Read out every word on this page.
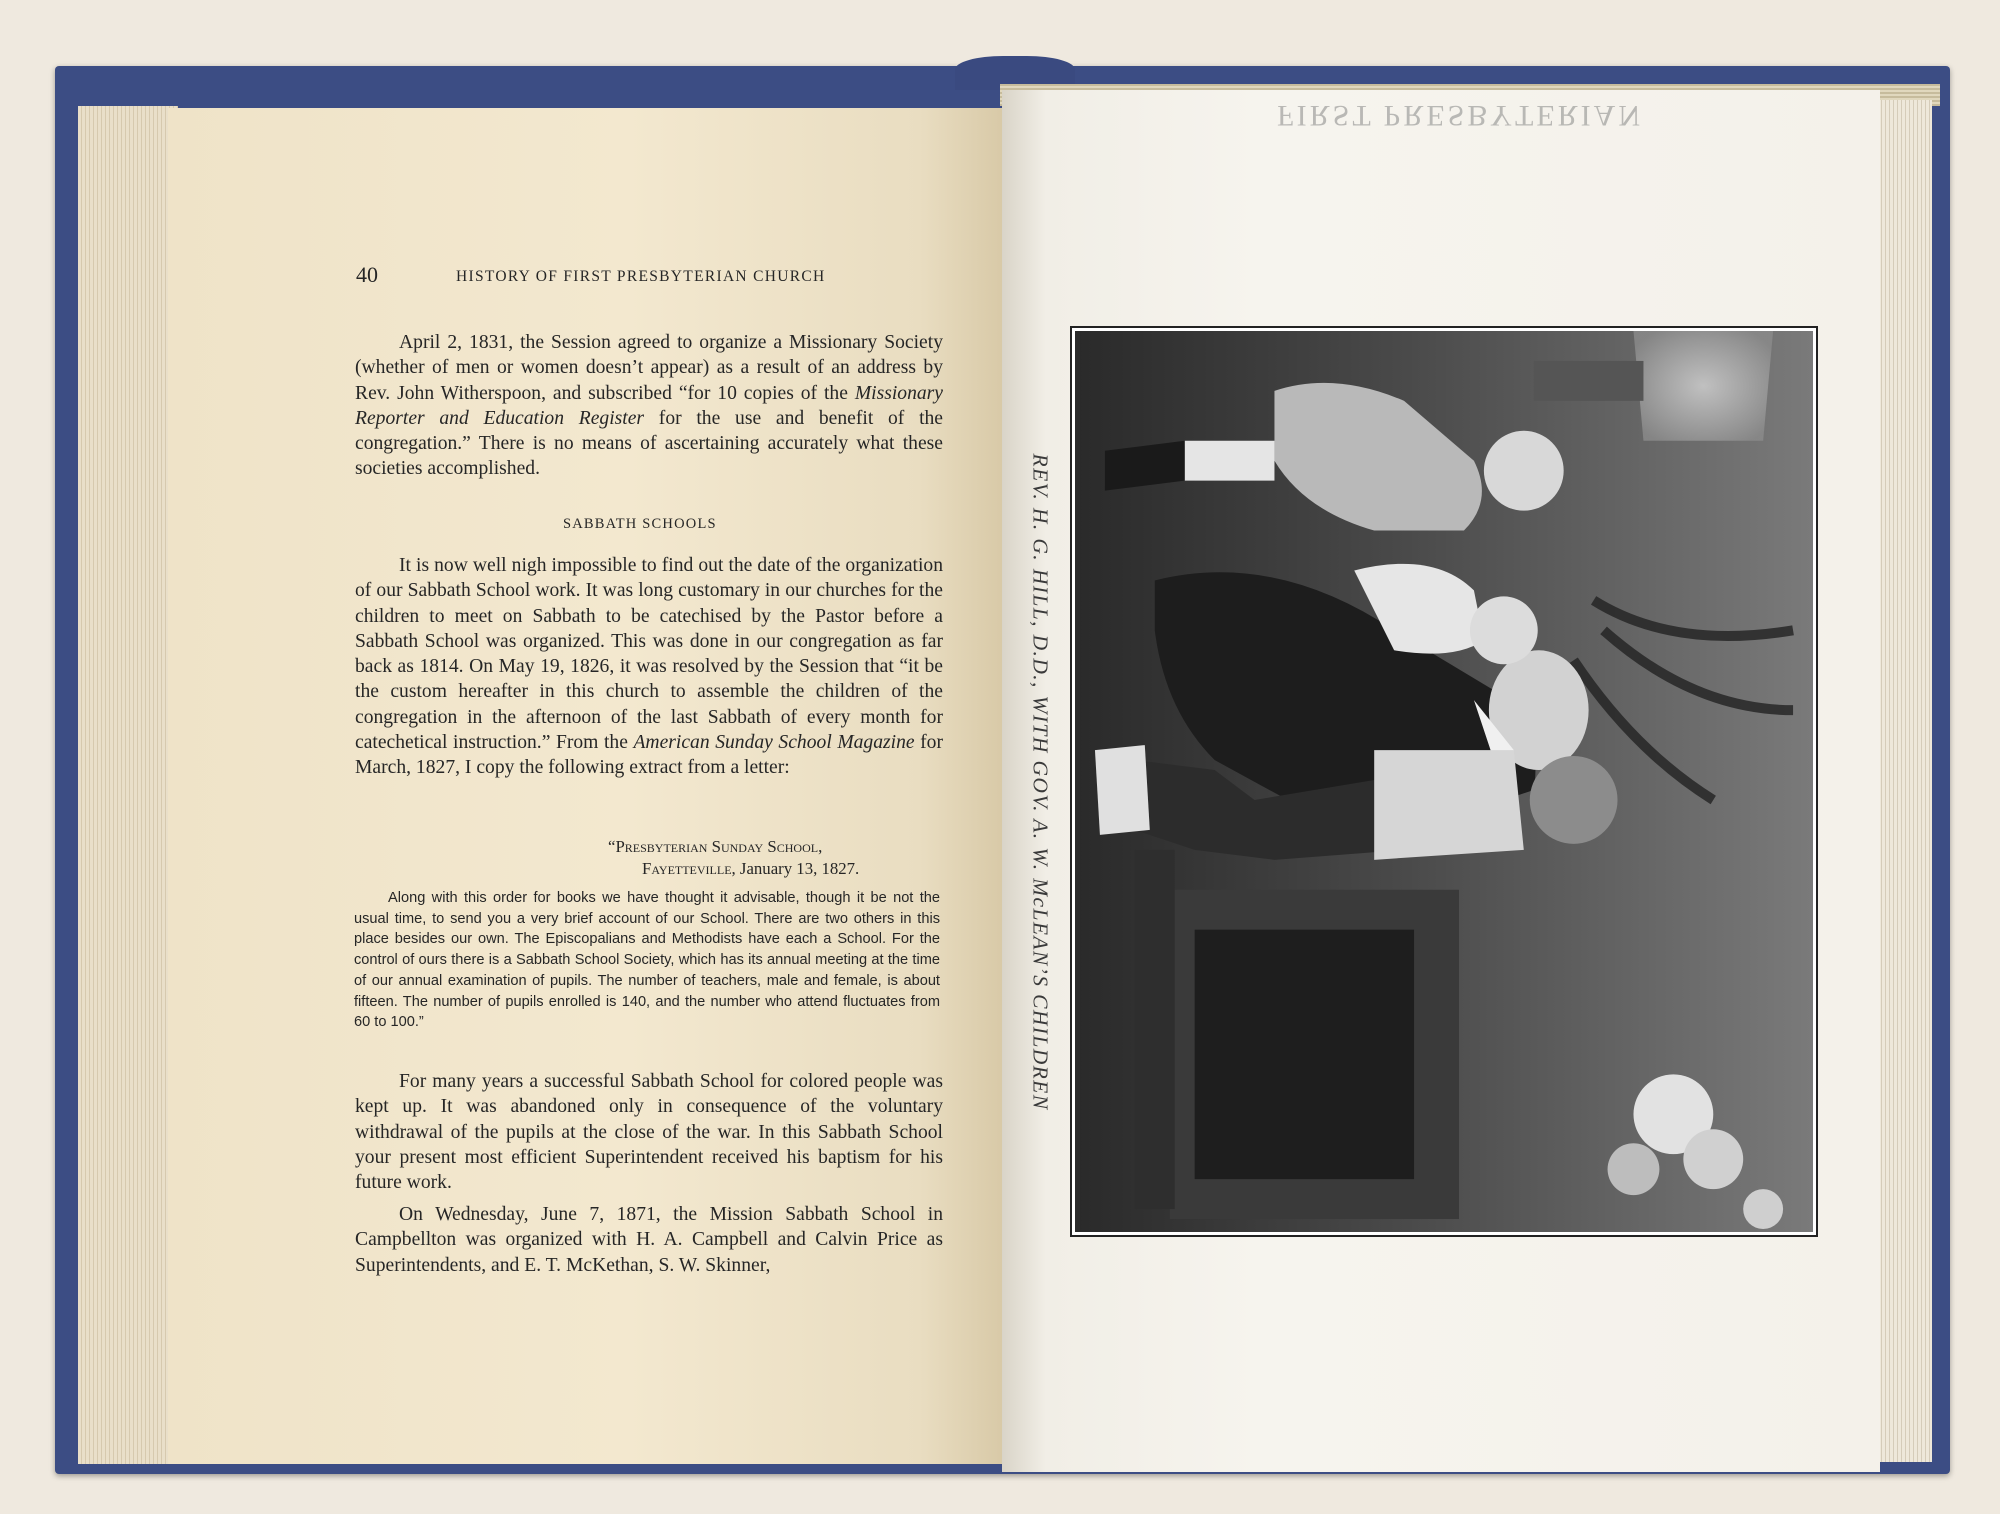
FIRST PRESBYTERIAN
40	HISTORY OF FIRST PRESBYTERIAN CHURCH

April 2, 1831, the Session agreed to organize a Missionary Society (whether of men or women doesn’t appear) as a result of an address by Rev. John Witherspoon, and subscribed “for 10 copies of the Missionary Reporter and Education Register for the use and benefit of the congregation.” There is no means of ascertaining accurately what these societies accomplished.

SABBATH SCHOOLS

It is now well nigh impossible to find out the date of the organization of our Sabbath School work. It was long customary in our churches for the children to meet on Sabbath to be catechised by the Pastor before a Sabbath School was organized. This was done in our congregation as far back as 1814. On May 19, 1826, it was resolved by the Session that “it be the custom hereafter in this church to assemble the children of the congregation in the afternoon of the last Sabbath of every month for catechetical instruction.” From the American Sunday School Magazine for March, 1827, I copy the following extract from a letter:

“Presbyterian Sunday School,
Fayetteville, January 13, 1827.

Along with this order for books we have thought it advisable, though it be not the usual time, to send you a very brief account of our School. There are two others in this place besides our own. The Episcopalians and Methodists have each a School. For the control of ours there is a Sabbath School Society, which has its annual meeting at the time of our annual examination of pupils. The number of teachers, male and female, is about fifteen. The number of pupils enrolled is 140, and the number who attend fluctuates from 60 to 100.”

For many years a successful Sabbath School for colored people was kept up. It was abandoned only in consequence of the voluntary withdrawal of the pupils at the close of the war. In this Sabbath School your present most efficient Superintendent received his baptism for his future work.

On Wednesday, June 7, 1871, the Mission Sabbath School in Campbellton was organized with H. A. Campbell and Calvin Price as Superintendents, and E. T. McKethan, S. W. Skinner,

REV. H. G. HILL, D.D., WITH GOV. A. W. McLEAN’S CHILDREN
